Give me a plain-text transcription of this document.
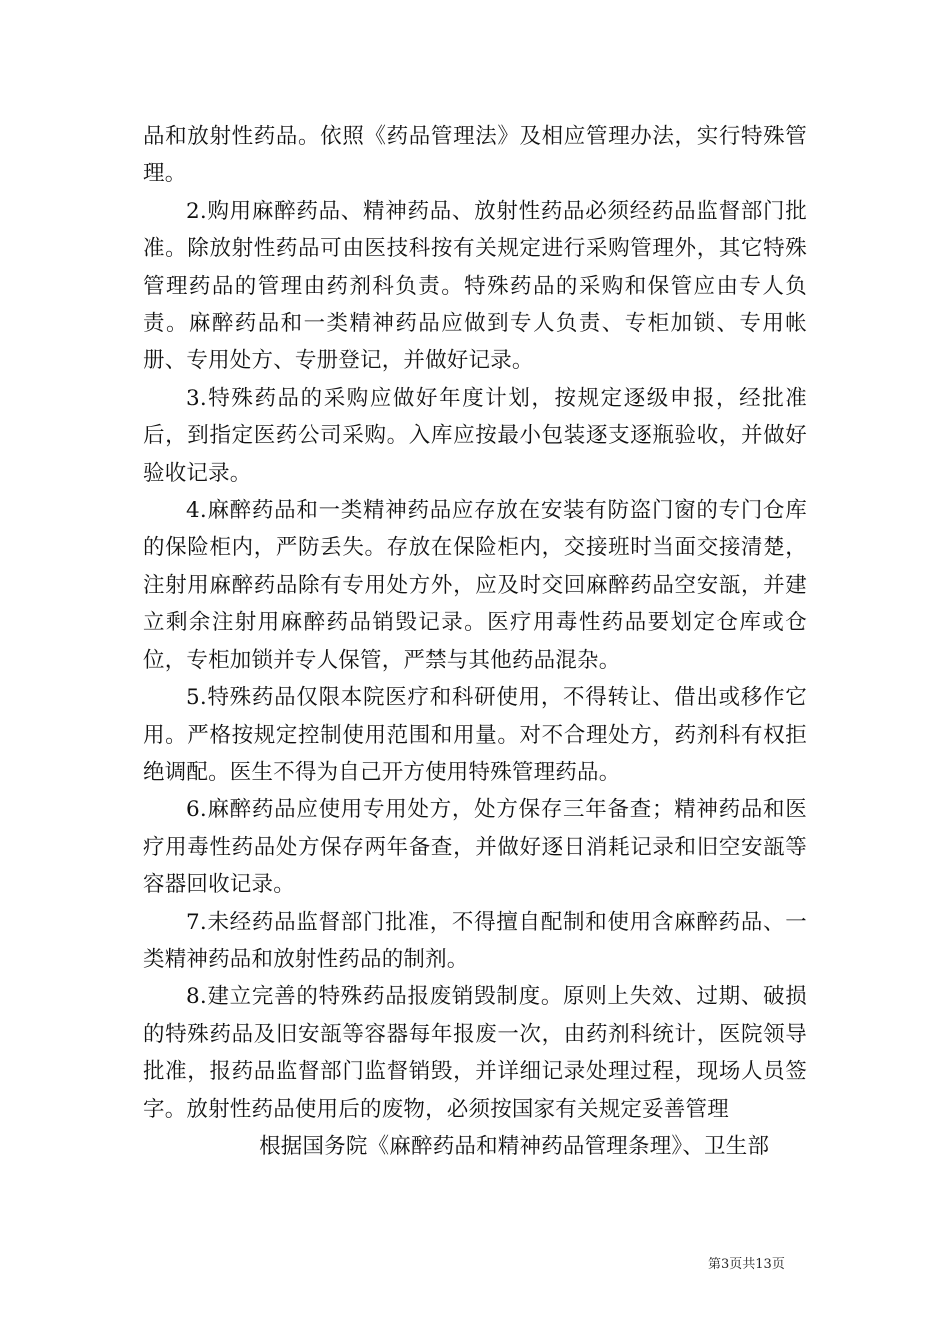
品和放射性药品。依照《药品管理法》及相应管理办法，实行特殊管理。

2.购用麻醉药品、精神药品、放射性药品必须经药品监督部门批准。除放射性药品可由医技科按有关规定进行采购管理外，其它特殊管理药品的管理由药剂科负责。特殊药品的采购和保管应由专人负责。麻醉药品和一类精神药品应做到专人负责、专柜加锁、专用帐册、专用处方、专册登记，并做好记录。

3.特殊药品的采购应做好年度计划，按规定逐级申报，经批准后，到指定医药公司采购。入库应按最小包装逐支逐瓶验收，并做好验收记录。

4.麻醉药品和一类精神药品应存放在安装有防盗门窗的专门仓库的保险柜内，严防丢失。存放在保险柜内，交接班时当面交接清楚，注射用麻醉药品除有专用处方外，应及时交回麻醉药品空安瓿，并建立剩余注射用麻醉药品销毁记录。医疗用毒性药品要划定仓库或仓位，专柜加锁并专人保管，严禁与其他药品混杂。

5.特殊药品仅限本院医疗和科研使用，不得转让、借出或移作它用。严格按规定控制使用范围和用量。对不合理处方，药剂科有权拒绝调配。医生不得为自己开方使用特殊管理药品。

6.麻醉药品应使用专用处方，处方保存三年备查；精神药品和医疗用毒性药品处方保存两年备查，并做好逐日消耗记录和旧空安瓿等容器回收记录。

7.未经药品监督部门批准，不得擅自配制和使用含麻醉药品、一类精神药品和放射性药品的制剂。

8.建立完善的特殊药品报废销毁制度。原则上失效、过期、破损的特殊药品及旧安瓿等容器每年报废一次，由药剂科统计，医院领导批准，报药品监督部门监督销毁，并详细记录处理过程，现场人员签字。放射性药品使用后的废物，必须按国家有关规定妥善管理

根据国务院《麻醉药品和精神药品管理条理》、卫生部

第3页共13页
